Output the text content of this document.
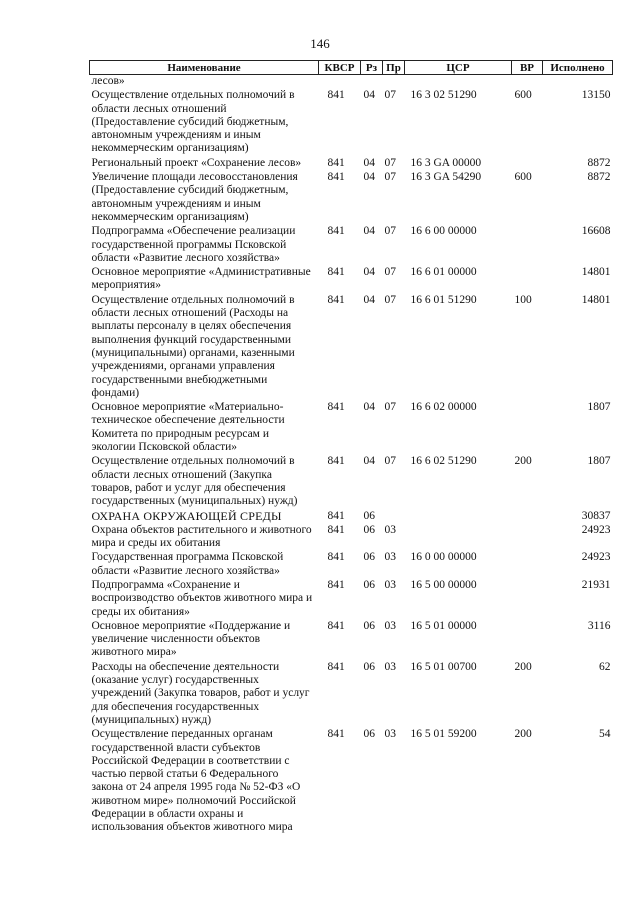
146
Наименование	КВСР	Рз	Пр	ЦСР	ВР	Исполнено
лесов»						
Осуществление отдельных полномочий в области лесных отношений (Предоставление субсидий бюджетным, автономным учреждениям и иным некоммерческим организациям)	841	04	07	16 3 02 51290	600	13150
Региональный проект «Сохранение лесов»	841	04	07	16 3 GA 00000		8872
Увеличение площади лесовосстановления (Предоставление субсидий бюджетным, автономным учреждениям и иным некоммерческим организациям)	841	04	07	16 3 GA 54290	600	8872
Подпрограмма «Обеспечение реализации государственной программы Псковской области «Развитие лесного хозяйства»	841	04	07	16 6 00 00000		16608
Основное мероприятие «Административные мероприятия»	841	04	07	16 6 01 00000		14801
Осуществление отдельных полномочий в области лесных отношений (Расходы на выплаты персоналу в целях обеспечения выполнения функций государственными (муниципальными) органами, казенными учреждениями, органами управления государственными внебюджетными фондами)	841	04	07	16 6 01 51290	100	14801
Основное мероприятие «Материально-техническое обеспечение деятельности Комитета по природным ресурсам и экологии Псковской области»	841	04	07	16 6 02 00000		1807
Осуществление отдельных полномочий в области лесных отношений (Закупка товаров, работ и услуг для обеспечения государственных (муниципальных) нужд)	841	04	07	16 6 02 51290	200	1807
ОХРАНА ОКРУЖАЮЩЕЙ СРЕДЫ	841	06				30837
Охрана объектов растительного и животного мира и среды их обитания	841	06	03			24923
Государственная программа Псковской области «Развитие лесного хозяйства»	841	06	03	16 0 00 00000		24923
Подпрограмма «Сохранение и воспроизводство объектов животного мира и среды их обитания»	841	06	03	16 5 00 00000		21931
Основное мероприятие «Поддержание и увеличение численности объектов животного мира»	841	06	03	16 5 01 00000		3116
Расходы на обеспечение деятельности (оказание услуг) государственных учреждений (Закупка товаров, работ и услуг для обеспечения государственных (муниципальных) нужд)	841	06	03	16 5 01 00700	200	62
Осуществление переданных органам государственной власти субъектов Российской Федерации в соответствии с частью первой статьи 6 Федерального закона от 24 апреля 1995 года № 52-ФЗ «О животном мире» полномочий Российской Федерации в области охраны и использования объектов животного мира	841	06	03	16 5 01 59200	200	54
